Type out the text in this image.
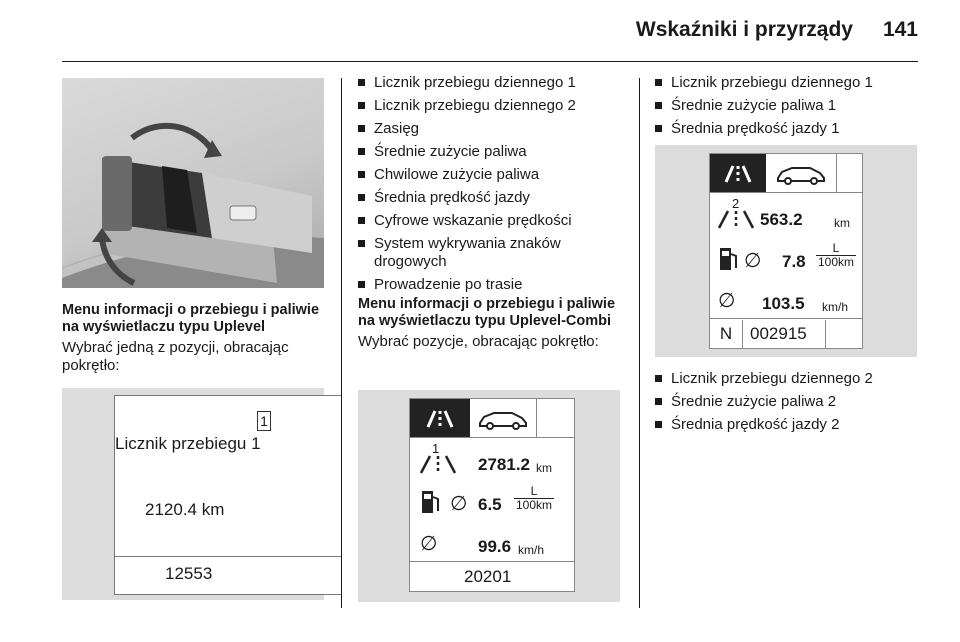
Wskaźniki i przyrządy 141

Menu informacji o przebiegu i paliwie na wyświetlaczu typu Uplevel

Wybrać jedną z pozycji, obracając pokrętło:

1
Licznik przebiegu 1
2120.4 km
12553
Licznik przebiegu dziennego 1
Licznik przebiegu dziennego 2
Zasięg
Średnie zużycie paliwa
Chwilowe zużycie paliwa
Średnia prędkość jazdy
Cyfrowe wskazanie prędkości
System wykrywania znaków drogowych
Prowadzenie po trasie

Menu informacji o przebiegu i paliwie na wyświetlaczu typu Uplevel-Combi

Wybrać pozycje, obracając pokrętło:

1
2781.2 km
∅ $6.5 \frac{L}{100km}$
∅ 99.6 km/h
20201
Licznik przebiegu dziennego 1
Średnie zużycie paliwa 1
Średnia prędkość jazdy 1
2
563.2	km
∅ $7.8 \frac{L}{100km}$
∅ 103.5 km/h
N	002915
Licznik przebiegu dziennego 2
Średnie zużycie paliwa 2
Średnia prędkość jazdy 2
